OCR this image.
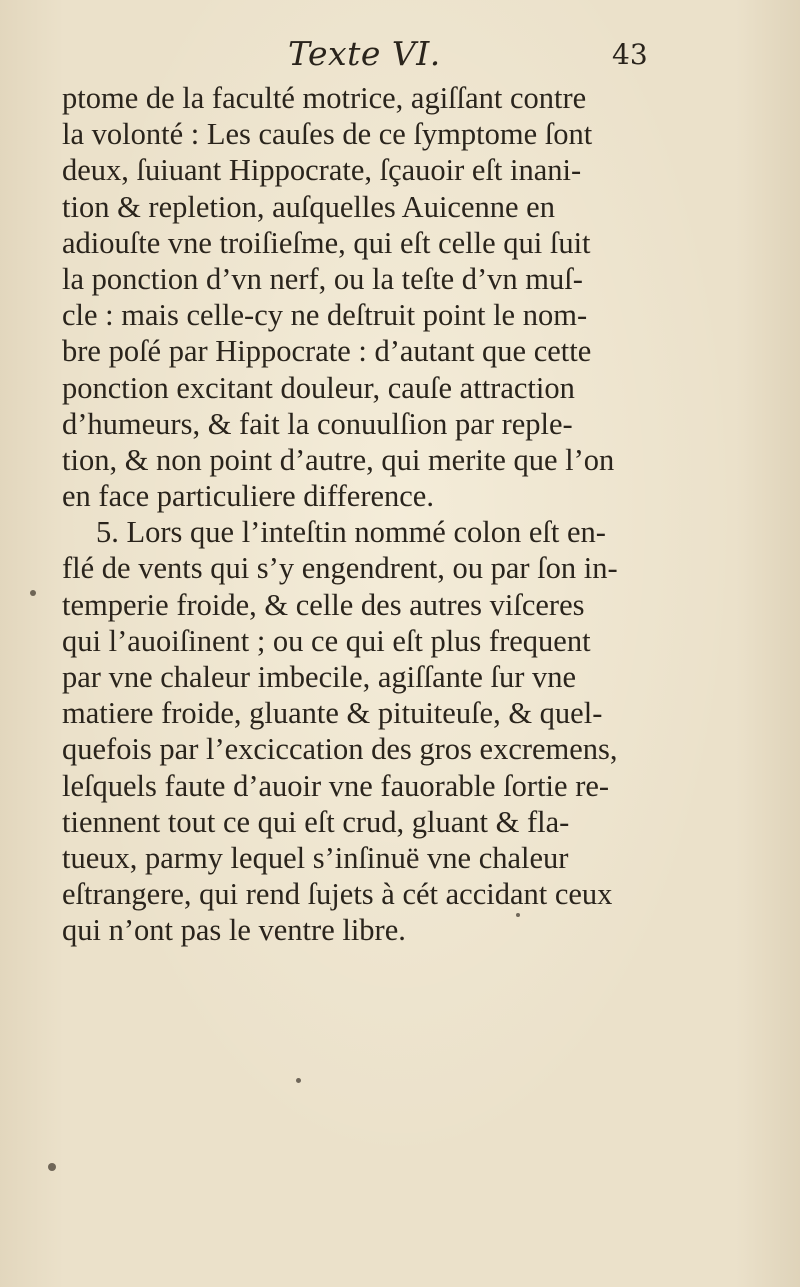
Texte VI.	43
ptome de la faculté motrice, agiſſant contre
la volonté : Les cauſes de ce ſymptome ſont
deux, ſuiuant Hippocrate, ſçauoir eſt inani-
tion & repletion, auſquelles Auicenne en
adiouſte vne troiſieſme, qui eſt celle qui ſuit
la ponction d’vn nerf, ou la teſte d’vn muſ-
cle : mais celle-cy ne deſtruit point le nom-
bre poſé par Hippocrate : d’autant que cette
ponction excitant douleur, cauſe attraction
d’humeurs, & fait la conuulſion par reple-
tion, & non point d’autre, qui merite que l’on
en face particuliere difference.
5. Lors que l’inteſtin nommé colon eſt en-
flé de vents qui s’y engendrent, ou par ſon in-
temperie froide, & celle des autres viſceres
qui l’auoiſinent ; ou ce qui eſt plus frequent
par vne chaleur imbecile, agiſſante ſur vne
matiere froide, gluante & pituiteuſe, & quel-
quefois par l’exciccation des gros excremens,
leſquels faute d’auoir vne fauorable ſortie re-
tiennent tout ce qui eſt crud, gluant & fla-
tueux, parmy lequel s’inſinuë vne chaleur
eſtrangere, qui rend ſujets à cét accidant ceux
qui n’ont pas le ventre libre.
